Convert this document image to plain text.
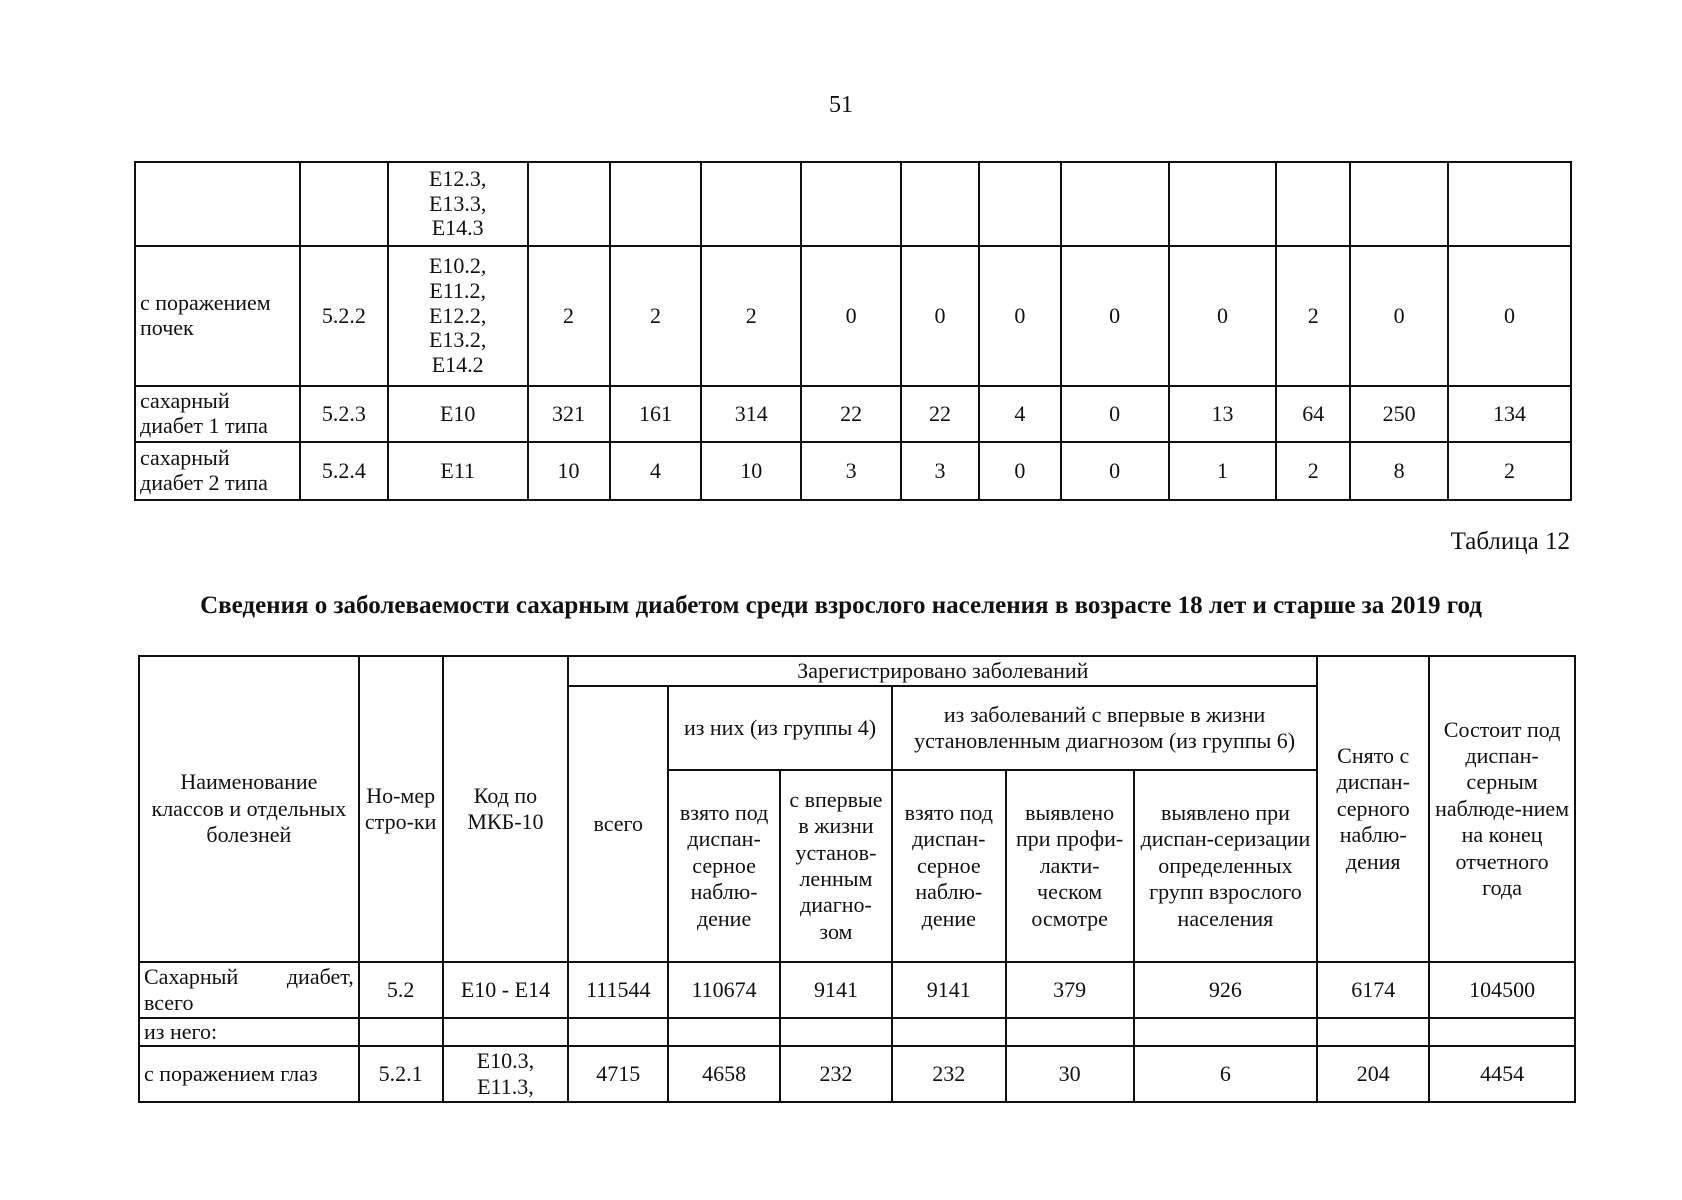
51

		E12.3,
E13.3,
E14.3											

с поражением почек	5.2.2	E10.2,
E11.2,
E12.2,
E13.2,
E14.2	2	2	2	0	0	0	0	0	2	0	0
сахарный диабет 1 типа	5.2.3	E10	321	161	314	22	22	4	0	13	64	250	134
сахарный диабет 2 типа	5.2.4	E11	10	4	10	3	3	0	0	1	2	8	2
Таблица 12
Сведения о заболеваемости сахарным диабетом среди взрослого населения в возрасте 18 лет и старше за 2019 год
Наименование классов и отдельных болезней	Но-мер стро-ки	Код по МКБ-10	Зарегистрировано заболеваний						Снято с диспан-серного наблю-дения	Состоит под диспан-серным наблюде-нием на конец отчетного года
			всего	из них (из группы 4)		из заболеваний с впервые в жизни установленным диагнозом (из группы 6)				
				взято под диспан-серное наблю-дение	с впервые в жизни установ-ленным диагно-зом	взято под диспан-серное наблю-дение	выявлено при профи-лакти-ческом осмотре	выявлено при диспан-серизации определенных групп взрослого населения		

Сахарный диабет,
всего	5.2	E10 - E14	111544	110674	9141	9141	379	926	6174	104500
из него:										
с поражением глаз	5.2.1	E10.3,
E11.3,	4715	4658	232	232	30	6	204	4454
